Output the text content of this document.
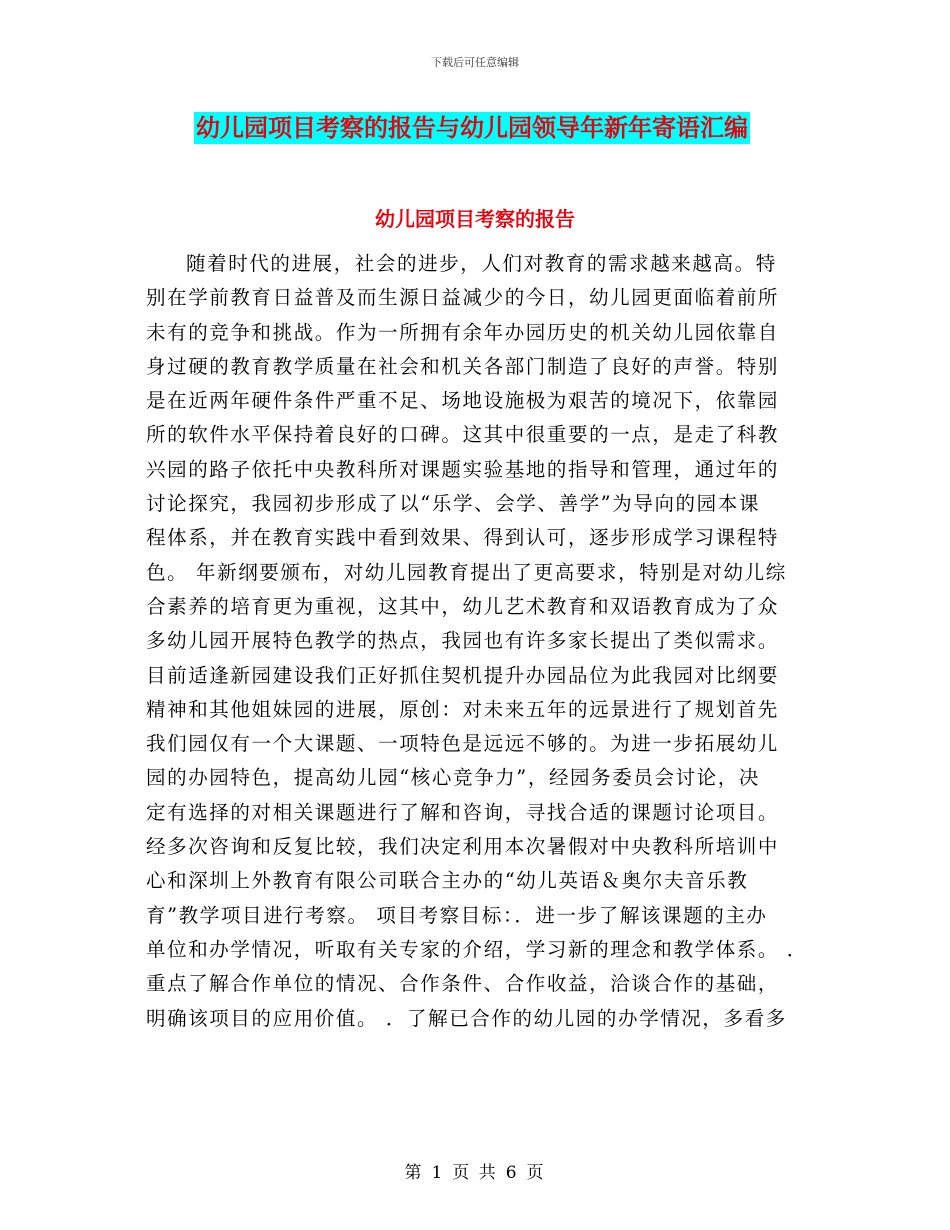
下载后可任意编辑
幼儿园项目考察的报告与幼儿园领导年新年寄语汇编
幼儿园项目考察的报告
随着时代的进展，社会的进步，人们对教育的需求越来越高。特
别在学前教育日益普及而生源日益减少的今日，幼儿园更面临着前所
未有的竞争和挑战。作为一所拥有余年办园历史的机关幼儿园依靠自
身过硬的教育教学质量在社会和机关各部门制造了良好的声誉。特别
是在近两年硬件条件严重不足、场地设施极为艰苦的境况下，依靠园
所的软件水平保持着良好的口碑。这其中很重要的一点，是走了科教
兴园的路子依托中央教科所对课题实验基地的指导和管理，通过年的
讨论探究，我园初步形成了以“乐学、会学、善学”为导向的园本课
程体系，并在教育实践中看到效果、得到认可，逐步形成学习课程特
色。 年新纲要颁布，对幼儿园教育提出了更高要求，特别是对幼儿综
合素养的培育更为重视，这其中，幼儿艺术教育和双语教育成为了众
多幼儿园开展特色教学的热点，我园也有许多家长提出了类似需求。
目前适逢新园建设我们正好抓住契机提升办园品位为此我园对比纲要
精神和其他姐妹园的进展，原创：对未来五年的远景进行了规划首先
我们园仅有一个大课题、一项特色是远远不够的。为进一步拓展幼儿
园的办园特色，提高幼儿园“核心竞争力”，经园务委员会讨论，决
定有选择的对相关课题进行了解和咨询，寻找合适的课题讨论项目。
经多次咨询和反复比较，我们决定利用本次暑假对中央教科所培训中
心和深圳上外教育有限公司联合主办的“幼儿英语＆奥尔夫音乐教
育”教学项目进行考察。 项目考察目标：．进一步了解该课题的主办
单位和办学情况，听取有关专家的介绍，学习新的理念和教学体系。 ．
重点了解合作单位的情况、合作条件、合作收益，洽谈合作的基础，
明确该项目的应用价值。 ．了解已合作的幼儿园的办学情况，多看多
第 1 页 共 6 页
